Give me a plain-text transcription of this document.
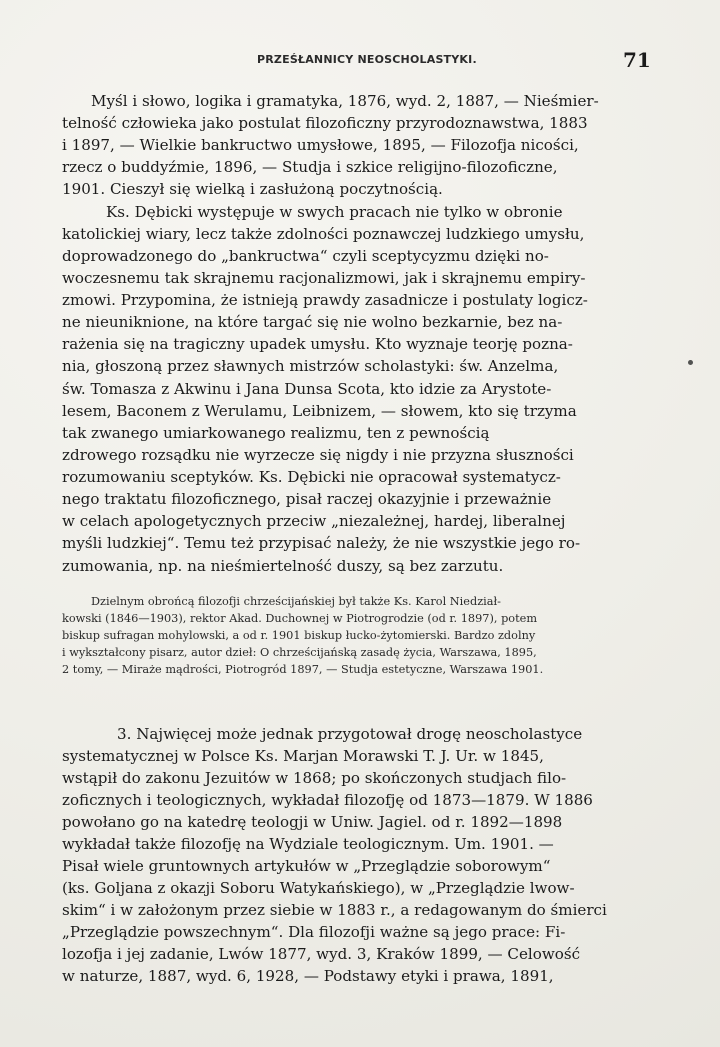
PRZEŚŁANNICY NEOSCHOLASTYKI.	71
Myśl i słowo, logika i gramatyka, 1876, wyd. 2, 1887, — Nieśmier-
telność człowieka jako postulat filozoficzny przyrodoznawstwa, 1883
i 1897, — Wielkie bankructwo umysłowe, 1895, — Filozofja nicości,
rzecz o buddyźmie, 1896, — Studja i szkice religijno-filozoficzne,
1901. Cieszył się wielką i zasłużoną poczytnością.
Ks. Dębicki występuje w swych pracach nie tylko w obronie
katolickiej wiary, lecz także zdolności poznawczej ludzkiego umysłu,
doprowadzonego do „bankructwa“ czyli sceptycyzmu dzięki no-
woczesnemu tak skrajnemu racjonalizmowi, jak i skrajnemu empiry-
zmowi. Przypomina, że istnieją prawdy zasadnicze i postulaty logicz-
ne nieuniknione, na które targać się nie wolno bezkarnie, bez na-
rażenia się na tragiczny upadek umysłu. Kto wyznaje teorję pozna-
nia, głoszoną przez sławnych mistrzów scholastyki: św. Anzelma,
św. Tomasza z Akwinu i Jana Dunsa Scota, kto idzie za Arystote-
lesem, Baconem z Werulamu, Leibnizem, — słowem, kto się trzyma
tak zwanego umiarkowanego realizmu, ten z pewnością
zdrowego rozsądku nie wyrzecze się nigdy i nie przyzna słuszności
rozumowaniu sceptyków. Ks. Dębicki nie opracował systematycz-
nego traktatu filozoficznego, pisał raczej okazyjnie i przeważnie
w celach apologetycznych przeciw „niezależnej, hardej, liberalnej
myśli ludzkiej“. Temu też przypisać należy, że nie wszystkie jego ro-
zumowania, np. na nieśmiertelność duszy, są bez zarzutu.
Dzielnym obrońcą filozofji chrześcijańskiej był także Ks. Karol Niedział-
kowski (1846—1903), rektor Akad. Duchownej w Piotrogrodzie (od r. 1897), potem
biskup sufragan mohylowski, a od r. 1901 biskup łucko-żytomierski. Bardzo zdolny
i wykształcony pisarz, autor dzieł: O chrześcijańską zasadę życia, Warszawa, 1895,
2 tomy, — Miraże mądrości, Piotrogród 1897, — Studja estetyczne, Warszawa 1901.
3. Najwięcej może jednak przygotował drogę neoscholastyce
systematycznej w Polsce Ks. Marjan Morawski T. J. Ur. w 1845,
wstąpił do zakonu Jezuitów w 1868; po skończonych studjach filo-
zoficznych i teologicznych, wykładał filozofję od 1873—1879. W 1886
powołano go na katedrę teologji w Uniw. Jagiel. od r. 1892—1898
wykładał także filozofję na Wydziale teologicznym. Um. 1901. —
Pisał wiele gruntownych artykułów w „Przeglądzie soborowym“
(ks. Goljana z okazji Soboru Watykańskiego), w „Przeglądzie lwow-
skim“ i w założonym przez siebie w 1883 r., a redagowanym do śmierci
„Przeglądzie powszechnym“. Dla filozofji ważne są jego prace: Fi-
lozofja i jej zadanie, Lwów 1877, wyd. 3, Kraków 1899, — Celowość
w naturze, 1887, wyd. 6, 1928, — Podstawy etyki i prawa, 1891,
